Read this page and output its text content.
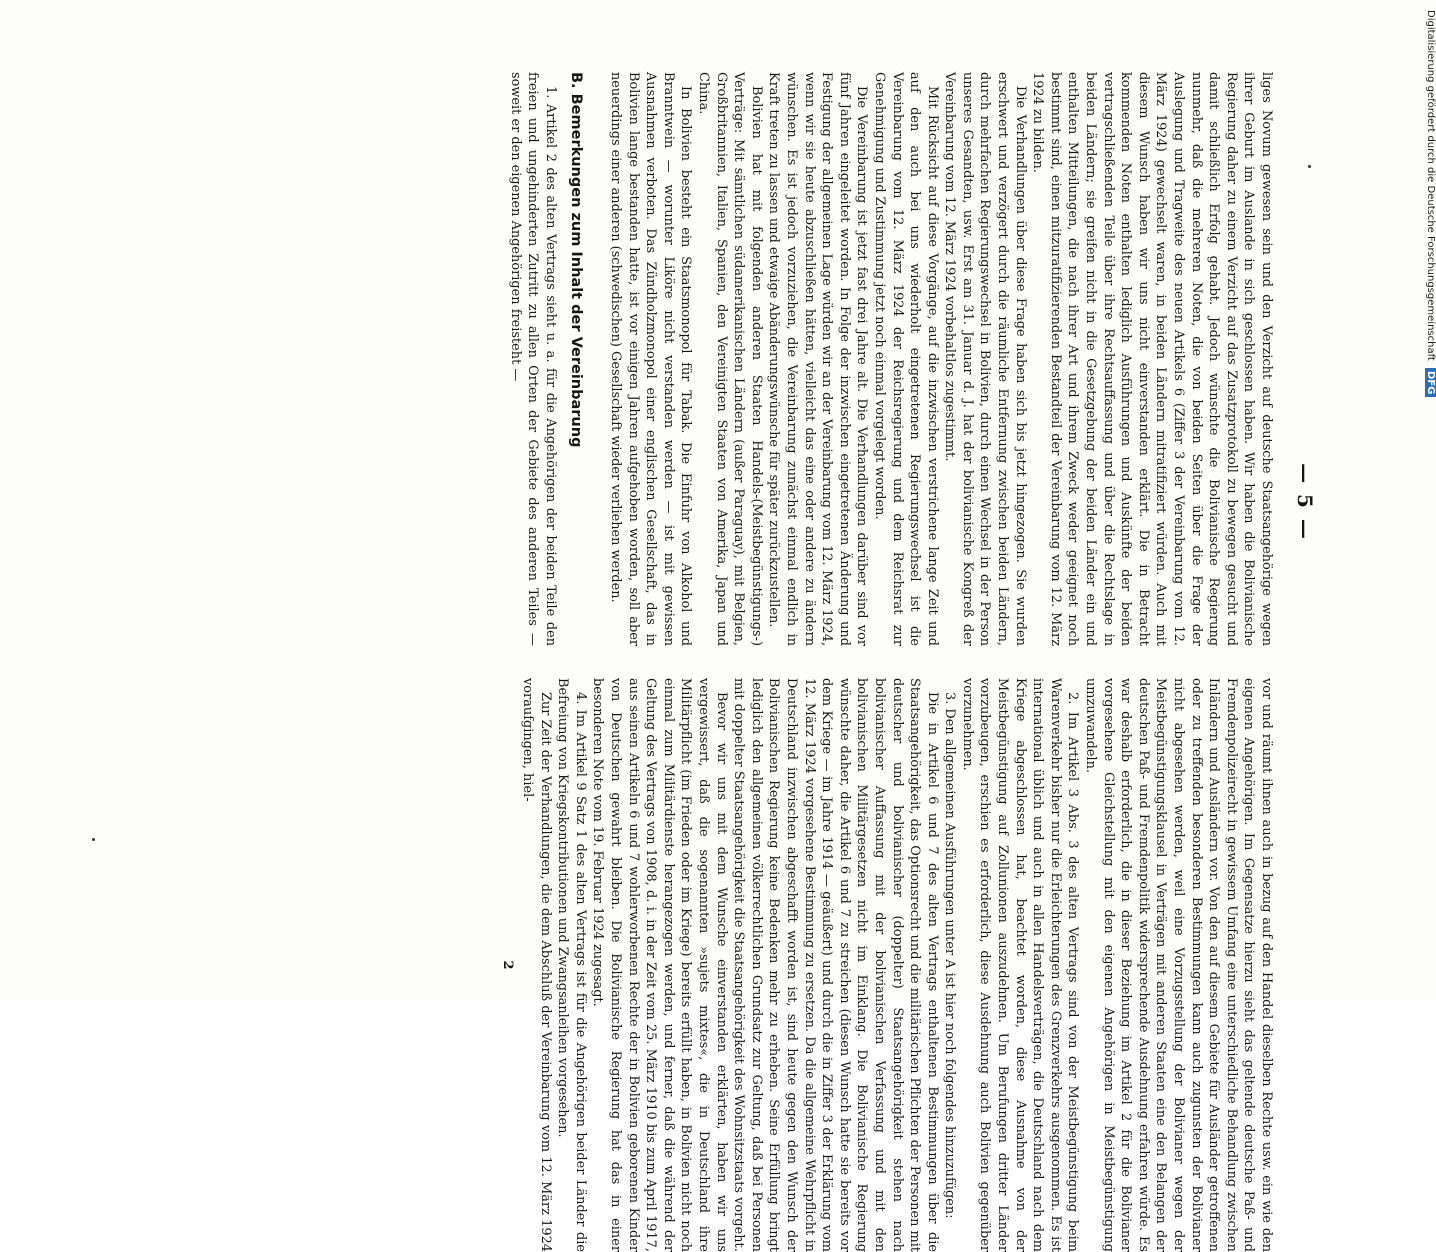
— 5 —

liges Novum gewesen sein und den Verzicht auf deutsche Staatsangehörige wegen ihrer Geburt im Auslande in sich geschlossen haben. Wir haben die Bolivianische Regierung daher zu einem Verzicht auf das Zusatzprotokoll zu bewegen gesucht und damit schließlich Erfolg gehabt. Jedoch wünschte die Bolivianische Regierung nunmehr, daß die mehreren Noten, die von beiden Seiten über die Frage der Auslegung und Tragweite des neuen Artikels 6 (Ziffer 3 der Vereinbarung vom 12. März 1924) gewechselt waren, in beiden Ländern mitratifiziert würden. Auch mit diesem Wunsch haben wir uns nicht einverstanden erklärt. Die in Betracht kommenden Noten enthalten lediglich Ausführungen und Auskünfte der beiden vertragschließenden Teile über ihre Rechtsauffassung und über die Rechtslage in beiden Ländern; sie greifen nicht in die Gesetzgebung der beiden Länder ein und enthalten Mitteilungen, die nach ihrer Art und ihrem Zweck weder geeignet noch bestimmt sind, einen mitzuratifizierenden Bestandteil der Vereinbarung vom 12. März 1924 zu bilden.

Die Verhandlungen über diese Frage haben sich bis jetzt hingezogen. Sie wurden erschwert und verzögert durch die räumliche Entfernung zwischen beiden Ländern, durch mehrfachen Regierungswechsel in Bolivien, durch einen Wechsel in der Person unseres Gesandten, usw. Erst am 31. Januar d. J. hat der bolivianische Kongreß der Vereinbarung vom 12. März 1924 vorbehaltlos zugestimmt.

Mit Rücksicht auf diese Vorgänge, auf die inzwischen verstrichene lange Zeit und auf den auch bei uns wiederholt eingetretenen Regierungswechsel ist die Vereinbarung vom 12. März 1924 der Reichsregierung und dem Reichsrat zur Genehmigung und Zustimmung jetzt noch einmal vorgelegt worden.

Die Vereinbarung ist jetzt fast drei Jahre alt. Die Verhandlungen darüber sind vor fünf Jahren eingeleitet worden. In Folge der inzwischen eingetretenen Änderung und Festigung der allgemeinen Lage würden wir an der Vereinbarung vom 12. März 1924, wenn wir sie heute abzuschließen hätten, vielleicht das eine oder andere zu ändern wünschen. Es ist jedoch vorzuziehen, die Vereinbarung zunächst einmal endlich in Kraft treten zu lassen und etwaige Abänderungswünsche für später zurückzustellen.

Bolivien hat mit folgenden anderen Staaten Handels-(Meistbegünstigungs-) Verträge: Mit sämtlichen südamerikanischen Ländern (außer Paraguay), mit Belgien, Großbritannien, Italien, Spanien, den Vereinigten Staaten von Amerika, Japan und China.

In Bolivien besteht ein Staatsmonopol für Tabak. Die Einfuhr von Alkohol und Branntwein — worunter Liköre nicht verstanden werden — ist mit gewissen Ausnahmen verboten. Das Zündholzmonopol einer englischen Gesellschaft, das in Bolivien lange bestanden hatte, ist vor einigen Jahren aufgehoben worden, soll aber neuerdings einer anderen (schwedischen) Gesellschaft wieder verliehen werden.

B. Bemerkungen zum Inhalt der Vereinbarung

1. Artikel 2 des alten Vertrags sieht u. a. für die Angehörigen der beiden Teile den freien und ungehinderten Zutritt zu allen Orten der Gebiete des anderen Teiles — soweit er den eigenen Angehörigen freisteht —

vor und räumt ihnen auch in bezug auf den Handel dieselben Rechte usw. ein wie den eigenen Angehörigen. Im Gegensatze hierzu sieht das geltende deutsche Paß- und Fremdenpolizeirecht in gewissem Umfang eine unterschiedliche Behandlung zwischen Inländern und Ausländern vor. Von den auf diesem Gebiete für Ausländer getroffenen oder zu treffenden besonderen Bestimmungen kann auch zugunsten der Bolivianer nicht abgesehen werden, weil eine Vorzugsstellung der Bolivianer wegen der Meistbegünstigungsklausel in Verträgen mit anderen Staaten eine den Belangen der deutschen Paß- und Fremdenpolitik widersprechende Ausdehnung erfahren würde. Es war deshalb erforderlich, die in dieser Beziehung im Artikel 2 für die Bolivianer vorgesehene Gleichstellung mit den eigenen Angehörigen in Meistbegünstigung umzuwandeln.

2. Im Artikel 3 Abs. 3 des alten Vertrags sind von der Meistbegünstigung beim Warenverkehr bisher nur die Erleichterungen des Grenzverkehrs ausgenommen. Es ist international üblich und auch in allen Handelsverträgen, die Deutschland nach dem Kriege abgeschlossen hat, beachtet worden, diese Ausnahme von der Meistbegünstigung auf Zollunionen auszudehnen. Um Berufungen dritter Länder vorzubeugen, erschien es erforderlich, diese Ausdehnung auch Bolivien gegenüber vorzunehmen.

3. Den allgemeinen Ausführungen unter A ist hier noch folgendes hinzuzufügen:

Die in Artikel 6 und 7 des alten Vertrags enthaltenen Bestimmungen über die Staatsangehörigkeit, das Optionsrecht und die militärischen Pflichten der Personen mit deutscher und bolivianischer (doppelter) Staatsangehörigkeit stehen nach bolivianischer Auffassung mit der bolivianischen Verfassung und mit den bolivianischen Militärgesetzen nicht im Einklang. Die Bolivianische Regierung wünschte daher, die Artikel 6 und 7 zu streichen (diesen Wunsch hatte sie bereits vor dem Kriege — im Jahre 1914 — geäußert) und durch die in Ziffer 3 der Erklärung vom 12. März 1924 vorgesehene Bestimmung zu ersetzen. Da die allgemeine Wehrpflicht in Deutschland inzwischen abgeschafft worden ist, sind heute gegen den Wunsch der Bolivianischen Regierung keine Bedenken mehr zu erheben. Seine Erfüllung bringt lediglich den allgemeinen völkerrechtlichen Grundsatz zur Geltung, daß bei Personen mit doppelter Staatsangehörigkeit die Staatsangehörigkeit des Wohnsitzstaats vorgeht.

Bevor wir uns mit dem Wunsche einverstanden erklärten, haben wir uns vergewissert, daß die sogenannten »sujets mixtes«, die in Deutschland ihre Militärpflicht (im Frieden oder im Kriege) bereits erfüllt haben, in Bolivien nicht noch einmal zum Militärdienste herangezogen werden, und ferner, daß die während der Geltung des Vertrags von 1908, d. i. in der Zeit vom 25. März 1910 bis zum April 1917, aus seinen Artikeln 6 und 7 wohlerworbenen Rechte der in Bolivien geborenen Kinder von Deutschen gewahrt bleiben. Die Bolivianische Regierung hat das in einer besonderen Note vom 19. Februar 1924 zugesagt.

4. Im Artikel 9 Satz 1 des alten Vertrags ist für die Angehörigen beider Länder die Befreiung von Kriegskontributionen und Zwangsanleihen vorgesehen.

Zur Zeit der Verhandlungen, die dem Abschluß der Vereinbarung vom 12. März 1924 voraufgingen, hiel-

2
Digitalisierung gefördert durch die Deutsche Forschungsgemeinschaft DFG
